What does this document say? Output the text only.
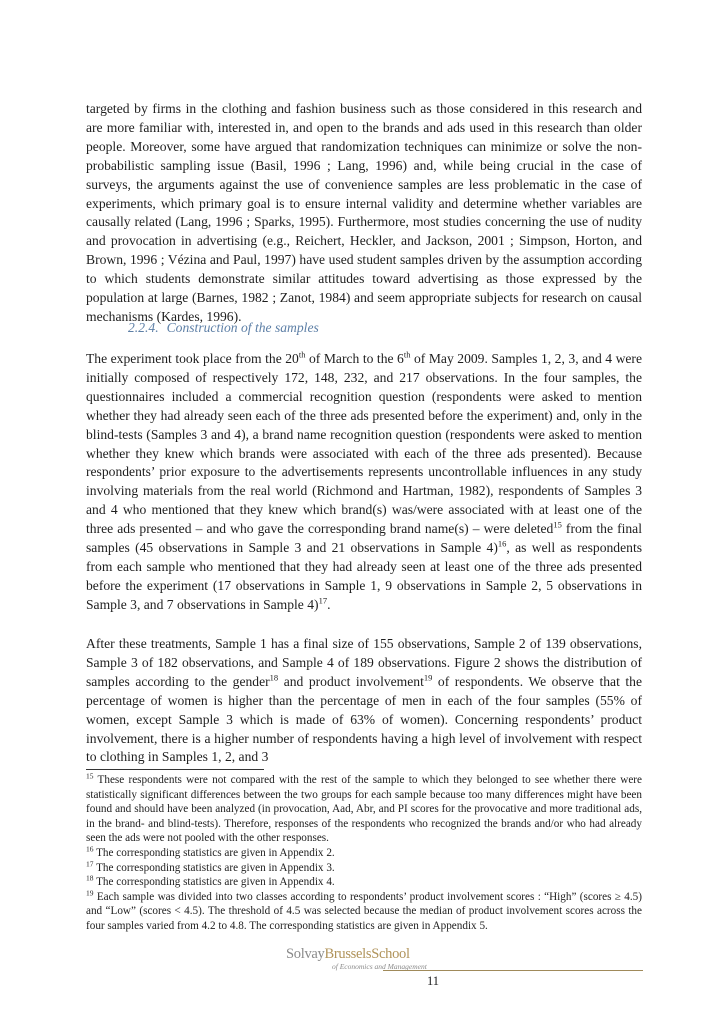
targeted by firms in the clothing and fashion business such as those considered in this research and are more familiar with, interested in, and open to the brands and ads used in this research than older people. Moreover, some have argued that randomization techniques can minimize or solve the non-probabilistic sampling issue (Basil, 1996 ; Lang, 1996) and, while being crucial in the case of surveys, the arguments against the use of convenience samples are less problematic in the case of experiments, which primary goal is to ensure internal validity and determine whether variables are causally related (Lang, 1996 ; Sparks, 1995). Furthermore, most studies concerning the use of nudity and provocation in advertising (e.g., Reichert, Heckler, and Jackson, 2001 ; Simpson, Horton, and Brown, 1996 ; Vézina and Paul, 1997) have used student samples driven by the assumption according to which students demonstrate similar attitudes toward advertising as those expressed by the population at large (Barnes, 1982 ; Zanot, 1984) and seem appropriate subjects for research on causal mechanisms (Kardes, 1996).

2.2.4. Construction of the samples

The experiment took place from the 20th of March to the 6th of May 2009. Samples 1, 2, 3, and 4 were initially composed of respectively 172, 148, 232, and 217 observations. In the four samples, the questionnaires included a commercial recognition question (respondents were asked to mention whether they had already seen each of the three ads presented before the experiment) and, only in the blind-tests (Samples 3 and 4), a brand name recognition question (respondents were asked to mention whether they knew which brands were associated with each of the three ads presented). Because respondents’ prior exposure to the advertisements represents uncontrollable influences in any study involving materials from the real world (Richmond and Hartman, 1982), respondents of Samples 3 and 4 who mentioned that they knew which brand(s) was/were associated with at least one of the three ads presented – and who gave the corresponding brand name(s) – were deleted$^{15}$ from the final samples (45 observations in Sample 3 and 21 observations in Sample 4)$^{16}$, as well as respondents from each sample who mentioned that they had already seen at least one of the three ads presented before the experiment (17 observations in Sample 1, 9 observations in Sample 2, 5 observations in Sample 3, and 7 observations in Sample 4)$^{17}$.

After these treatments, Sample 1 has a final size of 155 observations, Sample 2 of 139 observations, Sample 3 of 182 observations, and Sample 4 of 189 observations. Figure 2 shows the distribution of samples according to the gender$^{18}$ and product involvement$^{19}$ of respondents. We observe that the percentage of women is higher than the percentage of men in each of the four samples (55% of women, except Sample 3 which is made of 63% of women). Concerning respondents’ product involvement, there is a higher number of respondents having a high level of involvement with respect to clothing in Samples 1, 2, and 3

$^{15}$ These respondents were not compared with the rest of the sample to which they belonged to see whether there were statistically significant differences between the two groups for each sample because too many differences might have been found and should have been analyzed (in provocation, Aad, Abr, and PI scores for the provocative and more traditional ads, in the brand- and blind-tests). Therefore, responses of the respondents who recognized the brands and/or who had already seen the ads were not pooled with the other responses.

$^{16}$ The corresponding statistics are given in Appendix 2.

$^{17}$ The corresponding statistics are given in Appendix 3.

$^{18}$ The corresponding statistics are given in Appendix 4.

$^{19}$ Each sample was divided into two classes according to respondents’ product involvement scores : “High” (scores ≥ 4.5) and “Low” (scores < 4.5). The threshold of 4.5 was selected because the median of product involvement scores across the four samples varied from 4.2 to 4.8. The corresponding statistics are given in Appendix 5.

SolvayBrusselsSchool
of Economics and Management
11
